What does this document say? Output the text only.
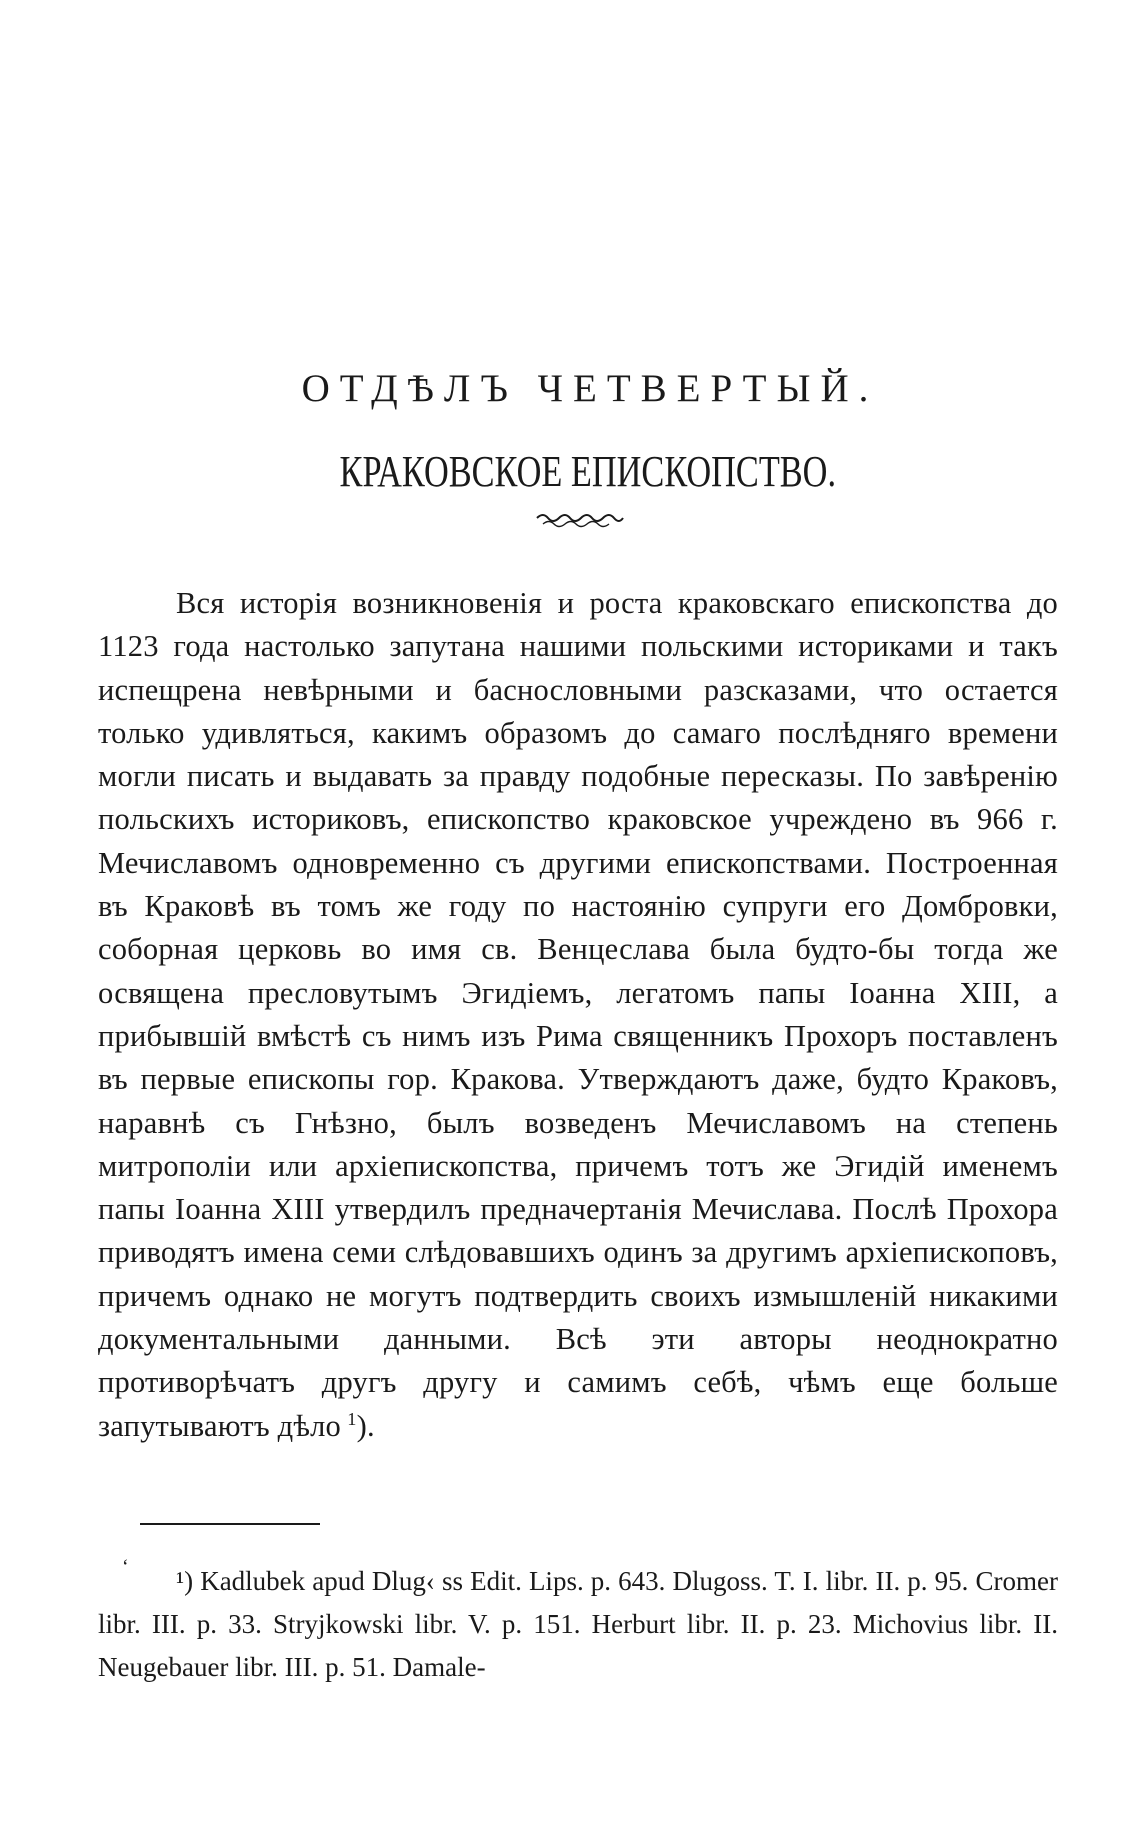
ОТДѢЛЪ ЧЕТВЕРТЫЙ.
КРАКОВСКОЕ ЕПИСКОПСТВО.

Вся исторія возникновенія и роста краковскаго епископства до 1123 года настолько запутана нашими польскими историками и такъ испещрена невѣрными и баснословными разсказами, что остается только удивляться, какимъ образомъ до самаго послѣдняго времени могли писать и выдавать за правду подобные пересказы. По завѣренію польскихъ историковъ, епископство краковское учреждено въ 966 г. Мечиславомъ одновременно съ другими епископствами. Построенная въ Краковѣ въ томъ же году по настоянію супруги его Домбровки, соборная церковь во имя св. Венцеслава была будто-бы тогда же освящена пресловутымъ Эгидіемъ, легатомъ папы Іоанна XIII, а прибывшій вмѣстѣ съ нимъ изъ Рима священникъ Прохоръ поставленъ въ первые епископы гор. Кракова. Утверждаютъ даже, будто Краковъ, наравнѣ съ Гнѣзно, былъ возведенъ Мечиславомъ на степень митрополіи или архіепископства, причемъ тотъ же Эгидій именемъ папы Іоанна XIII утвердилъ предначертанія Мечислава. Послѣ Прохора приводятъ имена семи слѣдовавшихъ одинъ за другимъ архіепископовъ, причемъ однако не могутъ подтвердить своихъ измышленій никакими документальными данными. Всѣ эти авторы неоднократно противорѣчатъ другъ другу и самимъ себѣ, чѣмъ еще больше запутываютъ дѣло  $^1$).

‘	¹) Kadlubek apud Dlug‹ ss Edit. Lips. p. 643. Dlugoss. T. I. libr. II. p. 95. Cromer libr. III. p. 33. Stryjkowski libr. V. p. 151. Herburt libr. II. p. 23. Michovius libr. II. Neugebauer libr. III. p. 51. Damale-
